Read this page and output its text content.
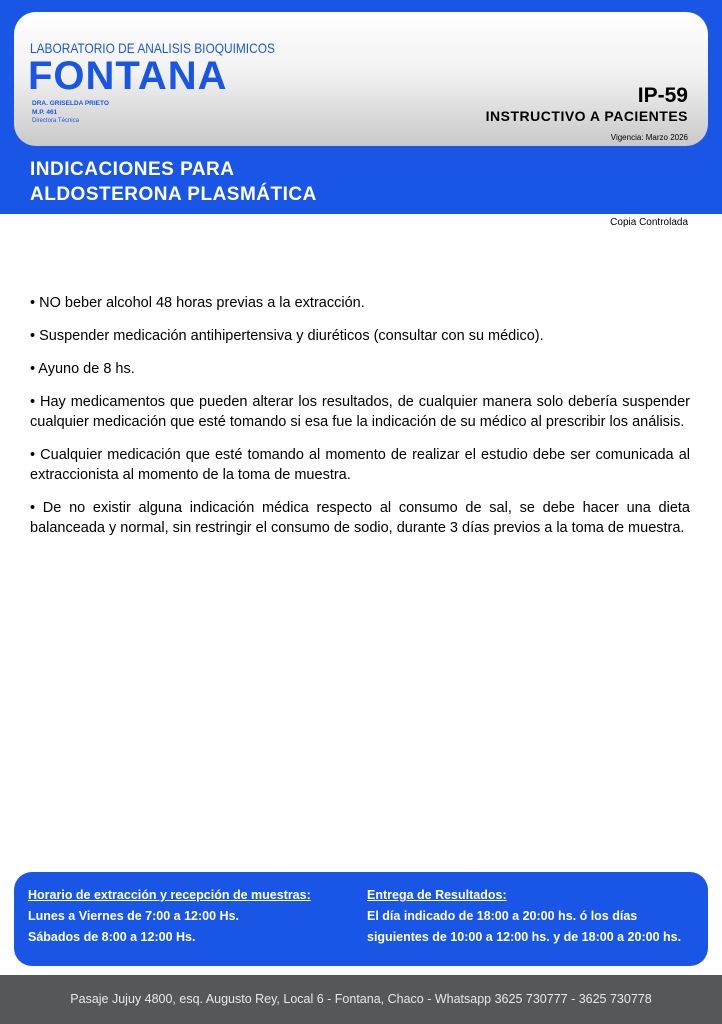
LABORATORIO DE ANALISIS BIOQUIMICOS
FONTANA
DRA. GRISELDA PRIETO
M.P. 461
Directora Técnica
IP-59
INSTRUCTIVO A PACIENTES
Vigencia: Marzo 2026
INDICACIONES PARA
ALDOSTERONA PLASMÁTICA
Copia Controlada

• NO beber alcohol 48 horas previas a la extracción.

• Suspender medicación antihipertensiva y diuréticos (consultar con su médico).

• Ayuno de 8 hs.

• Hay medicamentos que pueden alterar los resultados, de cualquier manera solo debería suspender cualquier medicación que esté tomando si esa fue la indicación de su médico al prescribir los análisis.

• Cualquier medicación que esté tomando al momento de realizar el estudio debe ser comunicada al extraccionista al momento de la toma de muestra.

• De no existir alguna indicación médica respecto al consumo de sal, se debe hacer una dieta balanceada y normal, sin restringir el consumo de sodio, durante 3 días previos a la toma de muestra.

Horario de extracción y recepción de muestras:
Lunes a Viernes de 7:00 a 12:00 Hs.
Sábados de 8:00 a 12:00 Hs.
Entrega de Resultados:
El día indicado de 18:00 a 20:00 hs. ó los días
siguientes de 10:00 a 12:00 hs. y de 18:00 a 20:00 hs.
Pasaje Jujuy 4800, esq. Augusto Rey, Local 6 - Fontana, Chaco - Whatsapp 3625 730777 - 3625 730778
